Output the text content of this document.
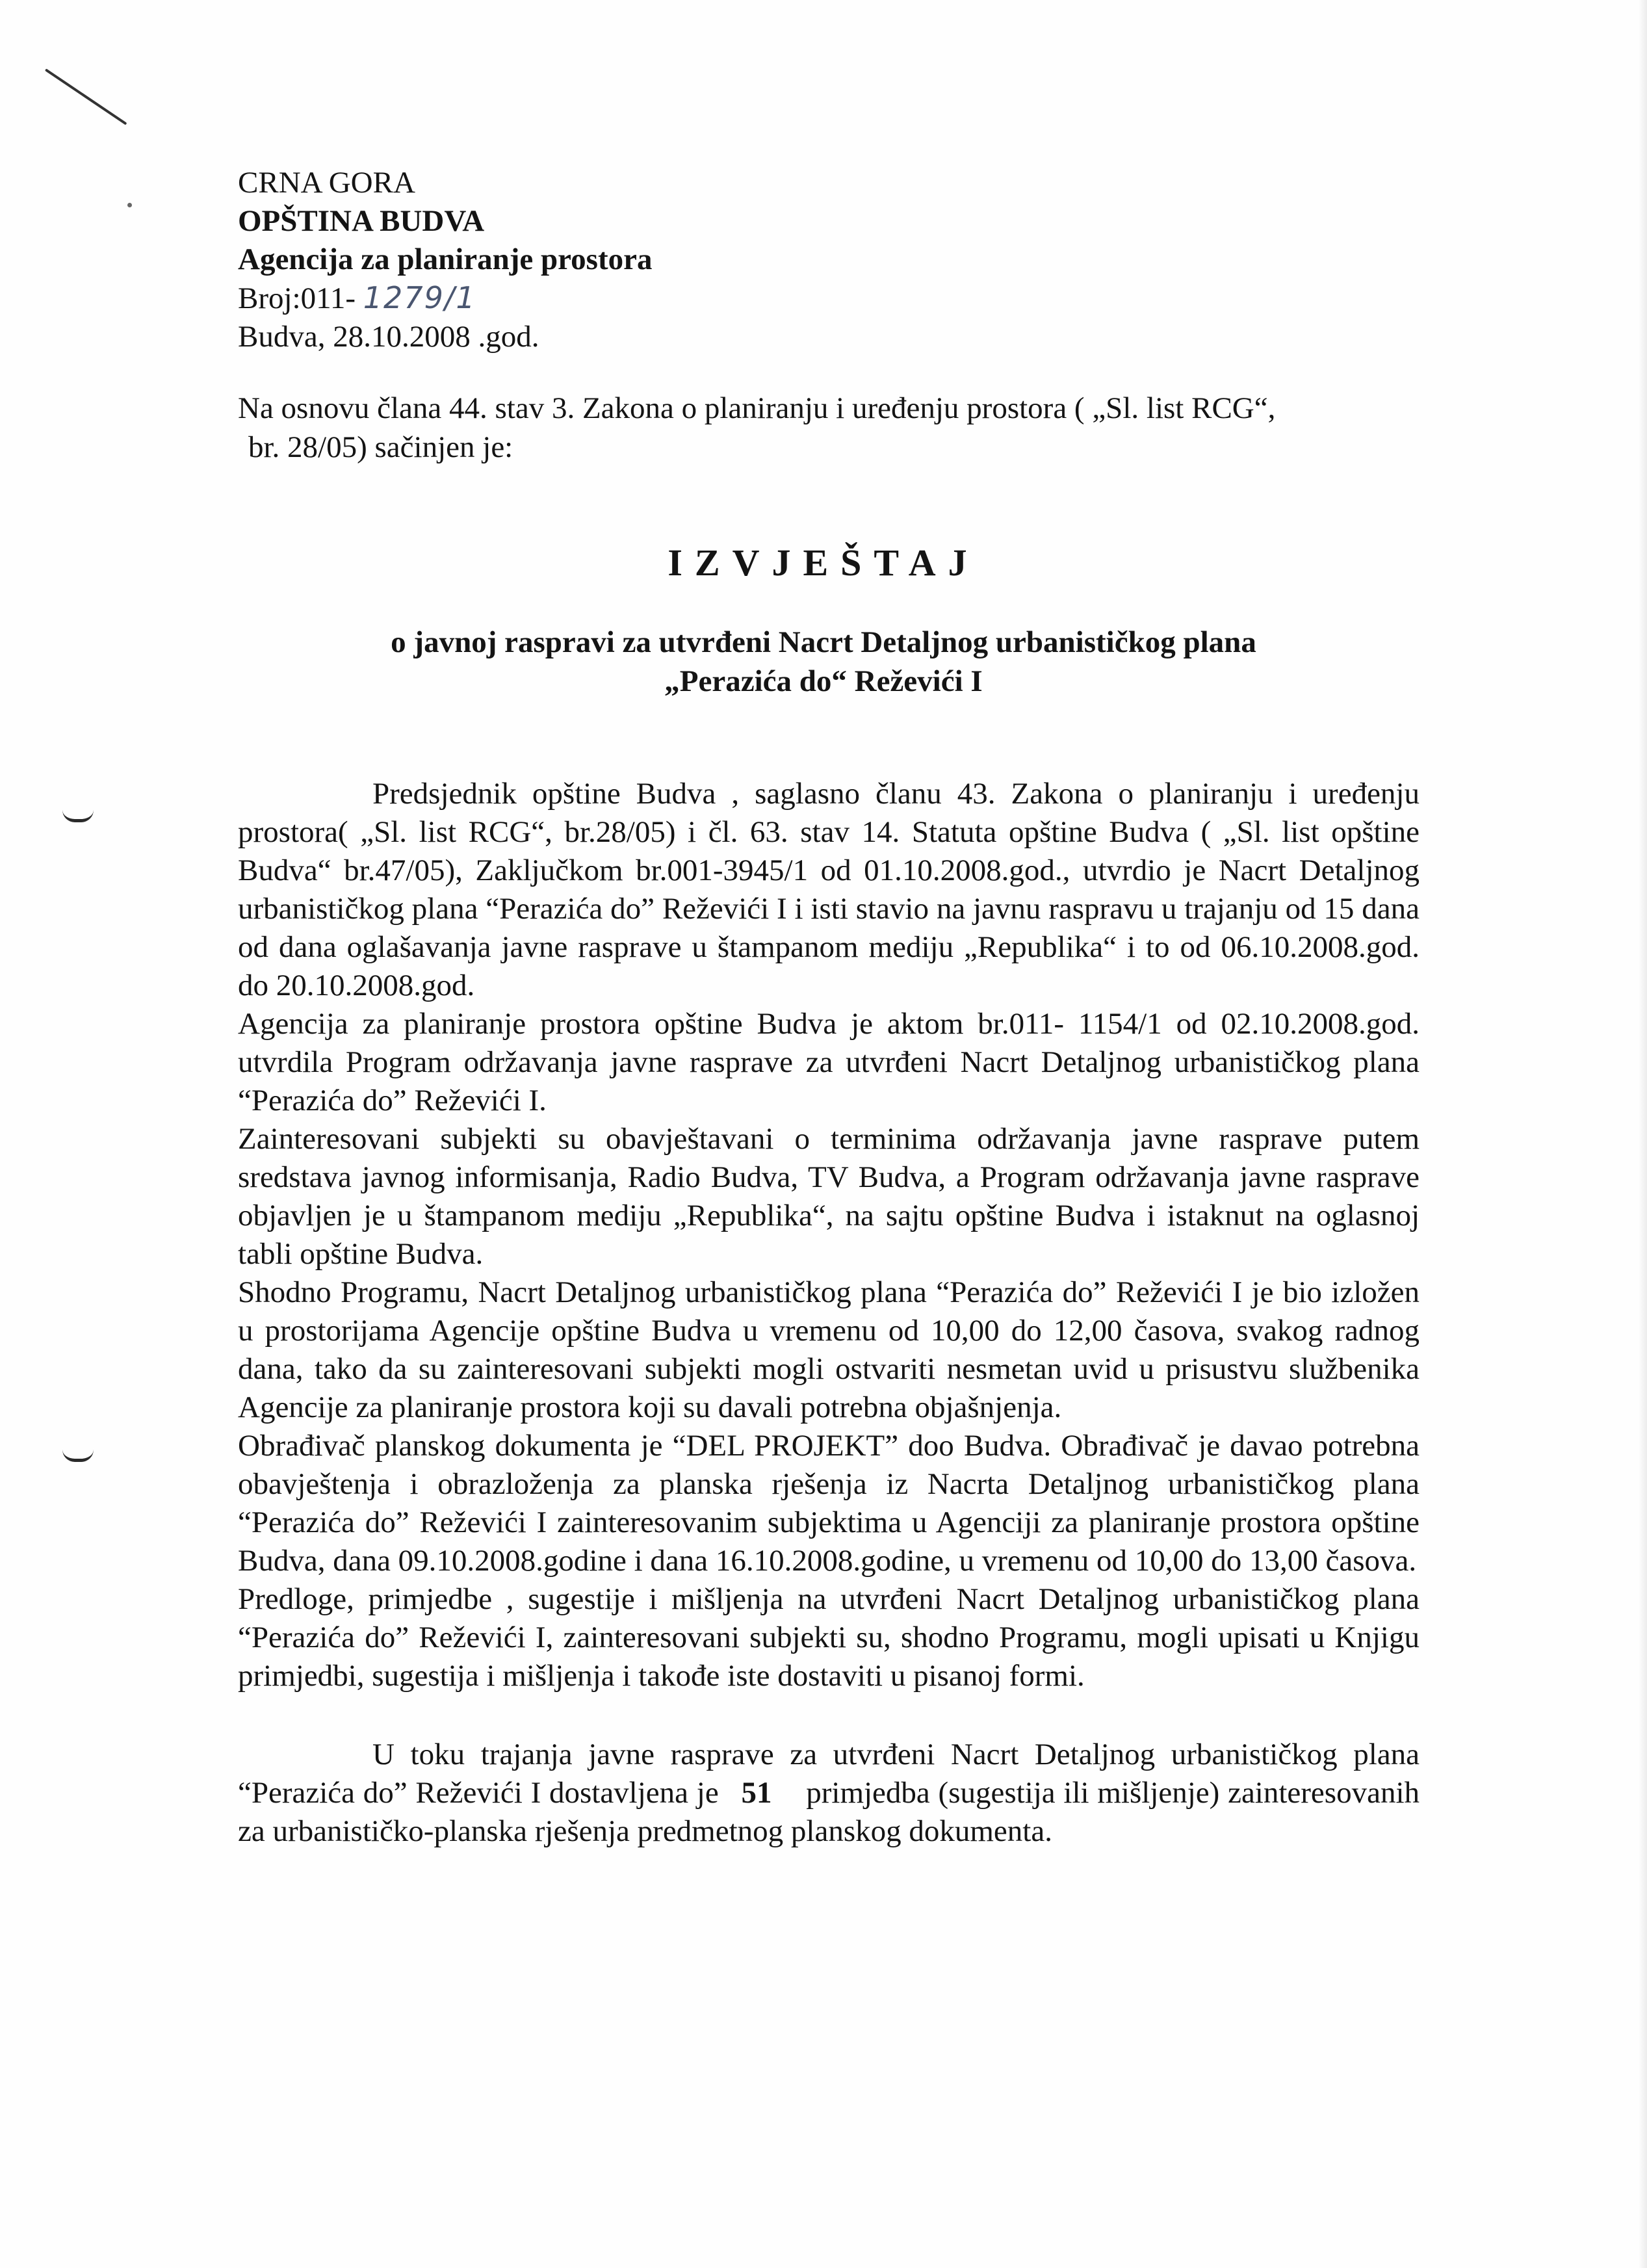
CRNA GORA
OPŠTINA BUDVA
Agencija za planiranje prostora
Broj:011- 1279/1
Budva, 28.10.2008 .god.
Na osnovu člana 44. stav 3. Zakona o planiranju i uređenju prostora ( „Sl. list RCG“,
br. 28/05) sačinjen je:
IZVJEŠTAJ
o javnoj raspravi za utvrđeni Nacrt Detaljnog urbanističkog plana
„Perazića do“ Reževići I

Predsjednik opštine Budva , saglasno članu 43. Zakona o planiranju i uređenju prostora( „Sl. list RCG“, br.28/05) i čl. 63. stav 14. Statuta opštine Budva ( „Sl. list opštine Budva“ br.47/05), Zaključkom br.001-3945/1 od 01.10.2008.god., utvrdio je Nacrt Detaljnog urbanističkog plana “Perazića do” Reževići I i isti stavio na javnu raspravu u trajanju od 15 dana od dana oglašavanja javne rasprave u štampanom mediju „Republika“ i to od 06.10.2008.god. do 20.10.2008.god.

Agencija za planiranje prostora opštine Budva je aktom br.011- 1154/1 od 02.10.2008.god. utvrdila Program održavanja javne rasprave za utvrđeni Nacrt Detaljnog urbanističkog plana “Perazića do” Reževići I.

Zainteresovani subjekti su obavještavani o terminima održavanja javne rasprave putem sredstava javnog informisanja, Radio Budva, TV Budva, a Program održavanja javne rasprave objavljen je u štampanom mediju „Republika“, na sajtu opštine Budva i istaknut na oglasnoj tabli opštine Budva.

Shodno Programu, Nacrt Detaljnog urbanističkog plana “Perazića do” Reževići I je bio izložen u prostorijama Agencije opštine Budva u vremenu od 10,00 do 12,00 časova, svakog radnog dana, tako da su zainteresovani subjekti mogli ostvariti nesmetan uvid u prisustvu službenika Agencije za planiranje prostora koji su davali potrebna objašnjenja.

Obrađivač planskog dokumenta je “DEL PROJEKT” doo Budva. Obrađivač je davao potrebna obavještenja i obrazloženja za planska rješenja iz Nacrta Detaljnog urbanističkog plana “Perazića do” Reževići I zainteresovanim subjektima u Agenciji za planiranje prostora opštine Budva, dana 09.10.2008.godine i dana 16.10.2008.godine, u vremenu od 10,00 do 13,00 časova.

Predloge, primjedbe , sugestije i mišljenja na utvrđeni Nacrt Detaljnog urbanističkog plana “Perazića do” Reževići I, zainteresovani subjekti su, shodno Programu, mogli upisati u Knjigu primjedbi, sugestija i mišljenja i takođe iste dostaviti u pisanoj formi.

U toku trajanja javne rasprave za utvrđeni Nacrt Detaljnog urbanističkog plana “Perazića do” Reževići I dostavljena je 51 primjedba (sugestija ili mišljenje) zainteresovanih za urbanističko-planska rješenja predmetnog planskog dokumenta.
